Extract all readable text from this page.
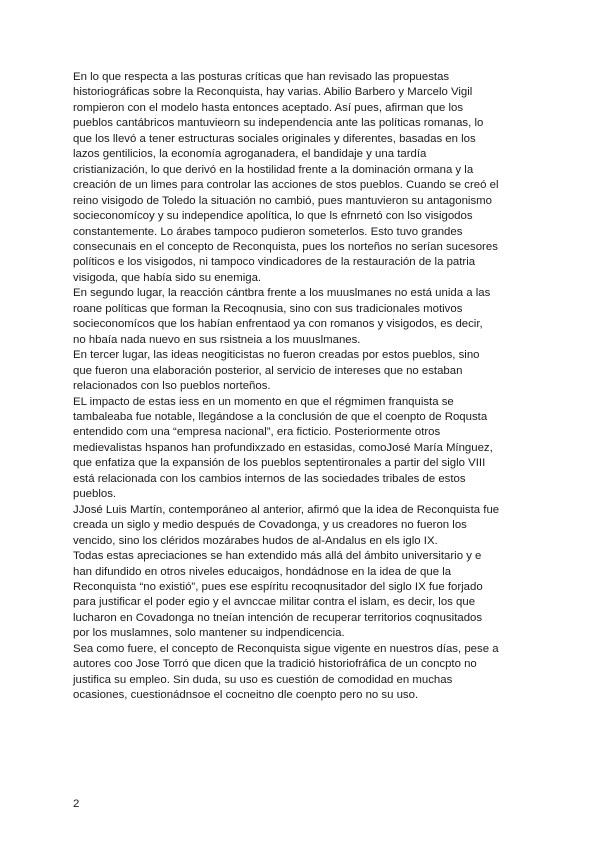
En lo que respecta a las posturas críticas que han revisado las propuestas
historiográficas sobre la Reconquista, hay varias. Abilio Barbero y Marcelo Vigil
rompieron con el modelo hasta entonces aceptado. Así pues, afirman que los
pueblos cantábricos mantuvieorn su independencia ante las políticas romanas, lo
que los llevó a tener estructuras sociales originales y diferentes, basadas en los
lazos gentilicios, la economía agroganadera, el bandidaje y una tardía
cristianización, lo que derivó en la hostilidad frente a la dominación ormana y la
creación de un limes para controlar las acciones de stos pueblos. Cuando se creó el
reino visigodo de Toledo la situación no cambió, pues mantuvieron su antagonismo
socieconomícoy y su independice apolítica, lo que ls efnrnetó con lso visigodos
constantemente. Lo árabes tampoco pudieron someterlos. Esto tuvo grandes
consecunais en el concepto de Reconquista, pues los norteños no serían sucesores
políticos e los visigodos, ni tampoco vindicadores de la restauración de la patria
visigoda, que había sido su enemiga.
En segundo lugar, la reacción cántbra frente a los muuslmanes no está unida a las
roane políticas que forman la Recoqnusia, sino con sus tradicionales motivos
socieconomícos que los habían enfrentaod ya con romanos y visigodos, es decir,
no hbaía nada nuevo en sus rsistneia a los muuslmanes.
En tercer lugar, las ideas neogiticistas no fueron creadas por estos pueblos, sino
que fueron una elaboración posterior, al servicio de intereses que no estaban
relacionados con lso pueblos norteños.
EL impacto de estas iess en un momento en que el régmimen franquista se
tambaleaba fue notable, llegándose a la conclusión de que el coenpto de Roqusta
entendido com una “empresa nacional”, era ficticio. Posteriormente otros
medievalistas hspanos han profundixzado en estasidas, comoJosé María Mínguez,
que enfatiza que la expansión de los pueblos septentironales a partir del siglo VIII
está relacionada con los cambios internos de las sociedades tribales de estos
pueblos.
JJosé Luis Martín, contemporáneo al anterior, afirmó que la idea de Reconquista fue
creada un siglo y medio después de Covadonga, y us creadores no fueron los
vencido, sino los clérido​s mozárabes hudos de al-Andalus en els iglo IX.
Todas estas apreciaciones se han extendido más allá del ámbito universitario y e
han difundido en otros niveles educaigos, hondádnose en la idea de que la
Reconquista “no existió”, pues ese espíritu recoqnusitador del siglo IX fue forjado
para justificar el poder egio y el avnccae militar contra el islam, es decir, los que
lucharon en Covadonga no tneían intención de recuperar territorios coqnusitados
por los muslamnes, solo mantener su indpendicencia.
Sea como fuere, el concepto de Reconquista sigue vigente en nuestros días, pese a
autores coo Jose Torró que dicen que la tradició historiofráfica de un concpto no
justifica su empleo. Sin duda, su uso es cuestión de comodidad en muchas
ocasiones, cuestionádnsoe el cocneitno dle coenpto pero no su uso.
2
